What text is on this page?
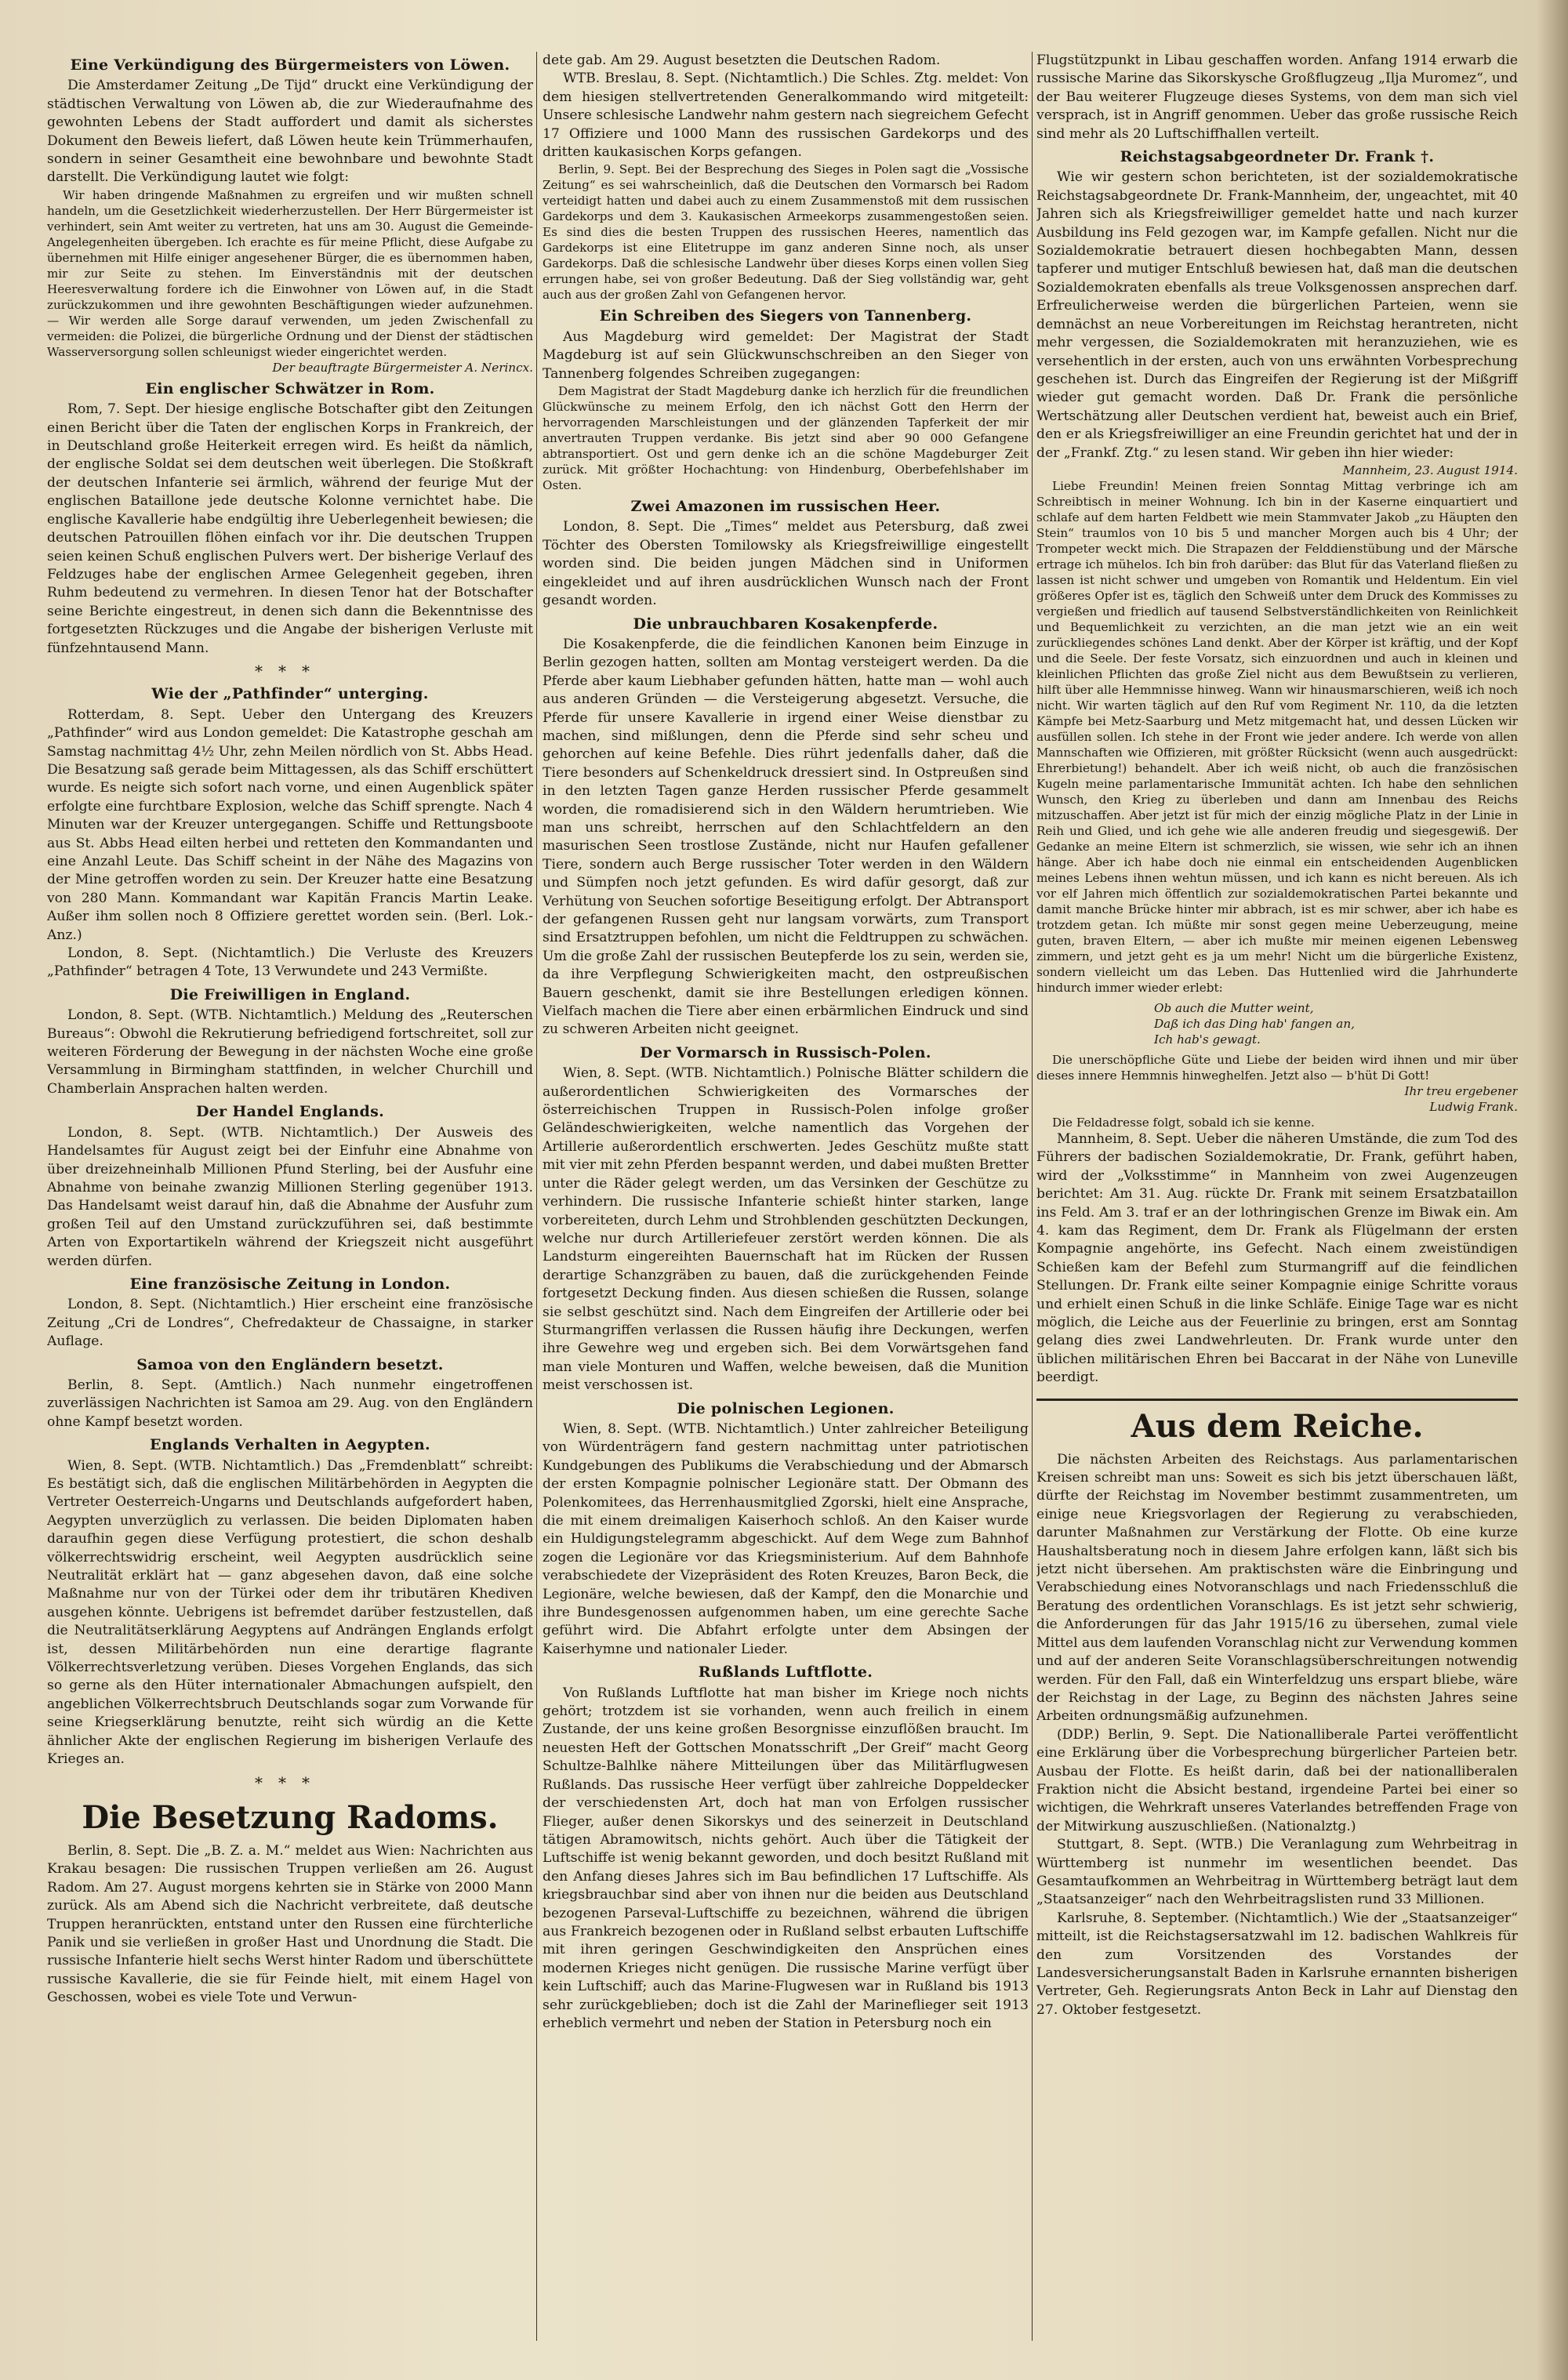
Eine Verkündigung des Bürgermeisters von Löwen.

Die Amsterdamer Zeitung „De Tijd“ druckt eine Verkündigung der städtischen Verwaltung von Löwen ab, die zur Wiederaufnahme des gewohnten Lebens der Stadt auffordert und damit als sicherstes Dokument den Beweis liefert, daß Löwen heute kein Trümmerhaufen, sondern in seiner Gesamtheit eine bewohnbare und bewohnte Stadt darstellt. Die Verkündigung lautet wie folgt:

Wir haben dringende Maßnahmen zu ergreifen und wir mußten schnell handeln, um die Gesetzlichkeit wiederherzustellen. Der Herr Bürgermeister ist verhindert, sein Amt weiter zu vertreten, hat uns am 30. August die Gemeinde-Angelegenheiten übergeben. Ich erachte es für meine Pflicht, diese Aufgabe zu übernehmen mit Hilfe einiger angesehener Bürger, die es übernommen haben, mir zur Seite zu stehen. Im Einverständnis mit der deutschen Heeresverwaltung fordere ich die Einwohner von Löwen auf, in die Stadt zurückzukommen und ihre gewohnten Beschäftigungen wieder aufzunehmen. — Wir werden alle Sorge darauf verwenden, um jeden Zwischenfall zu vermeiden: die Polizei, die bürgerliche Ordnung und der Dienst der städtischen Wasserversorgung sollen schleunigst wieder eingerichtet werden.

Der beauftragte Bürgermeister A. Nerincx.

Ein englischer Schwätzer in Rom.

Rom, 7. Sept. Der hiesige englische Botschafter gibt den Zeitungen einen Bericht über die Taten der englischen Korps in Frankreich, der in Deutschland große Heiterkeit erregen wird. Es heißt da nämlich, der englische Soldat sei dem deutschen weit überlegen. Die Stoßkraft der deutschen Infanterie sei ärmlich, während der feurige Mut der englischen Bataillone jede deutsche Kolonne vernichtet habe. Die englische Kavallerie habe endgültig ihre Ueberlegenheit bewiesen; die deutschen Patrouillen flöhen einfach vor ihr. Die deutschen Truppen seien keinen Schuß englischen Pulvers wert. Der bisherige Verlauf des Feldzuges habe der englischen Armee Gelegenheit gegeben, ihren Ruhm bedeutend zu vermehren. In diesen Tenor hat der Botschafter seine Berichte eingestreut, in denen sich dann die Bekenntnisse des fortgesetzten Rückzuges und die Angabe der bisherigen Verluste mit fünfzehntausend Mann.

***
Wie der „Pathfinder“ unterging.

Rotterdam, 8. Sept. Ueber den Untergang des Kreuzers „Pathfinder“ wird aus London gemeldet: Die Katastrophe geschah am Samstag nachmittag 4½ Uhr, zehn Meilen nördlich von St. Abbs Head. Die Besatzung saß gerade beim Mittagessen, als das Schiff erschüttert wurde. Es neigte sich sofort nach vorne, und einen Augenblick später erfolgte eine furchtbare Explosion, welche das Schiff sprengte. Nach 4 Minuten war der Kreuzer untergegangen. Schiffe und Rettungsboote aus St. Abbs Head eilten herbei und retteten den Kommandanten und eine Anzahl Leute. Das Schiff scheint in der Nähe des Magazins von der Mine getroffen worden zu sein. Der Kreuzer hatte eine Besatzung von 280 Mann. Kommandant war Kapitän Francis Martin Leake. Außer ihm sollen noch 8 Offiziere gerettet worden sein. (Berl. Lok.-Anz.)

London, 8. Sept. (Nichtamtlich.) Die Verluste des Kreuzers „Pathfinder“ betragen 4 Tote, 13 Verwundete und 243 Vermißte.

Die Freiwilligen in England.

London, 8. Sept. (WTB. Nichtamtlich.) Meldung des „Reuterschen Bureaus“: Obwohl die Rekrutierung befriedigend fortschreitet, soll zur weiteren Förderung der Bewegung in der nächsten Woche eine große Versammlung in Birmingham stattfinden, in welcher Churchill und Chamberlain Ansprachen halten werden.

Der Handel Englands.

London, 8. Sept. (WTB. Nichtamtlich.) Der Ausweis des Handelsamtes für August zeigt bei der Einfuhr eine Abnahme von über dreizehneinhalb Millionen Pfund Sterling, bei der Ausfuhr eine Abnahme von beinahe zwanzig Millionen Sterling gegenüber 1913. Das Handelsamt weist darauf hin, daß die Abnahme der Ausfuhr zum großen Teil auf den Umstand zurückzuführen sei, daß bestimmte Arten von Exportartikeln während der Kriegszeit nicht ausgeführt werden dürfen.

Eine französische Zeitung in London.

London, 8. Sept. (Nichtamtlich.) Hier erscheint eine französische Zeitung „Cri de Londres“, Chefredakteur de Chassaigne, in starker Auflage.

Samoa von den Engländern besetzt.

Berlin, 8. Sept. (Amtlich.) Nach nunmehr eingetroffenen zuverlässigen Nachrichten ist Samoa am 29. Aug. von den Engländern ohne Kampf besetzt worden.

Englands Verhalten in Aegypten.

Wien, 8. Sept. (WTB. Nichtamtlich.) Das „Fremdenblatt“ schreibt: Es bestätigt sich, daß die englischen Militärbehörden in Aegypten die Vertreter Oesterreich-Ungarns und Deutschlands aufgefordert haben, Aegypten unverzüglich zu verlassen. Die beiden Diplomaten haben daraufhin gegen diese Verfügung protestiert, die schon deshalb völkerrechtswidrig erscheint, weil Aegypten ausdrücklich seine Neutralität erklärt hat — ganz abgesehen davon, daß eine solche Maßnahme nur von der Türkei oder dem ihr tributären Khediven ausgehen könnte. Uebrigens ist befremdet darüber festzustellen, daß die Neutralitätserklärung Aegyptens auf Andrängen Englands erfolgt ist, dessen Militärbehörden nun eine derartige flagrante Völkerrechtsverletzung verüben. Dieses Vorgehen Englands, das sich so gerne als den Hüter internationaler Abmachungen aufspielt, den angeblichen Völkerrechtsbruch Deutschlands sogar zum Vorwande für seine Kriegserklärung benutzte, reiht sich würdig an die Kette ähnlicher Akte der englischen Regierung im bisherigen Verlaufe des Krieges an.

***
Die Besetzung Radoms.

Berlin, 8. Sept. Die „B. Z. a. M.“ meldet aus Wien: Nachrichten aus Krakau besagen: Die russischen Truppen verließen am 26. August Radom. Am 27. August morgens kehrten sie in Stärke von 2000 Mann zurück. Als am Abend sich die Nachricht verbreitete, daß deutsche Truppen heranrückten, entstand unter den Russen eine fürchterliche Panik und sie verließen in großer Hast und Unordnung die Stadt. Die russische Infanterie hielt sechs Werst hinter Radom und überschüttete russische Kavallerie, die sie für Feinde hielt, mit einem Hagel von Geschossen, wobei es viele Tote und Verwun-

dete gab. Am 29. August besetzten die Deutschen Radom.

WTB. Breslau, 8. Sept. (Nichtamtlich.) Die Schles. Ztg. meldet: Von dem hiesigen stellvertretenden Generalkommando wird mitgeteilt: Unsere schlesische Landwehr nahm gestern nach siegreichem Gefecht 17 Offiziere und 1000 Mann des russischen Gardekorps und des dritten kaukasischen Korps gefangen.

Berlin, 9. Sept. Bei der Besprechung des Sieges in Polen sagt die „Vossische Zeitung“ es sei wahrscheinlich, daß die Deutschen den Vormarsch bei Radom verteidigt hatten und dabei auch zu einem Zusammenstoß mit dem russischen Gardekorps und dem 3. Kaukasischen Armeekorps zusammengestoßen seien. Es sind dies die besten Truppen des russischen Heeres, namentlich das Gardekorps ist eine Elitetruppe im ganz anderen Sinne noch, als unser Gardekorps. Daß die schlesische Landwehr über dieses Korps einen vollen Sieg errungen habe, sei von großer Bedeutung. Daß der Sieg vollständig war, geht auch aus der großen Zahl von Gefangenen hervor.

Ein Schreiben des Siegers von Tannenberg.

Aus Magdeburg wird gemeldet: Der Magistrat der Stadt Magdeburg ist auf sein Glückwunschschreiben an den Sieger von Tannenberg folgendes Schreiben zugegangen:

Dem Magistrat der Stadt Magdeburg danke ich herzlich für die freundlichen Glückwünsche zu meinem Erfolg, den ich nächst Gott den Herrn der hervorragenden Marschleistungen und der glänzenden Tapferkeit der mir anvertrauten Truppen verdanke. Bis jetzt sind aber 90 000 Gefangene abtransportiert. Ost und gern denke ich an die schöne Magdeburger Zeit zurück. Mit größter Hochachtung: von Hindenburg, Oberbefehlshaber im Osten.

Zwei Amazonen im russischen Heer.

London, 8. Sept. Die „Times“ meldet aus Petersburg, daß zwei Töchter des Obersten Tomilowsky als Kriegsfreiwillige eingestellt worden sind. Die beiden jungen Mädchen sind in Uniformen eingekleidet und auf ihren ausdrücklichen Wunsch nach der Front gesandt worden.

Die unbrauchbaren Kosakenpferde.

Die Kosakenpferde, die die feindlichen Kanonen beim Einzuge in Berlin gezogen hatten, sollten am Montag versteigert werden. Da die Pferde aber kaum Liebhaber gefunden hätten, hatte man — wohl auch aus anderen Gründen — die Versteigerung abgesetzt. Versuche, die Pferde für unsere Kavallerie in irgend einer Weise dienstbar zu machen, sind mißlungen, denn die Pferde sind sehr scheu und gehorchen auf keine Befehle. Dies rührt jedenfalls daher, daß die Tiere besonders auf Schenkeldruck dressiert sind. In Ostpreußen sind in den letzten Tagen ganze Herden russischer Pferde gesammelt worden, die romadisierend sich in den Wäldern herumtrieben. Wie man uns schreibt, herrschen auf den Schlachtfeldern an den masurischen Seen trostlose Zustände, nicht nur Haufen gefallener Tiere, sondern auch Berge russischer Toter werden in den Wäldern und Sümpfen noch jetzt gefunden. Es wird dafür gesorgt, daß zur Verhütung von Seuchen sofortige Beseitigung erfolgt. Der Abtransport der gefangenen Russen geht nur langsam vorwärts, zum Transport sind Ersatztruppen befohlen, um nicht die Feldtruppen zu schwächen. Um die große Zahl der russischen Beutepferde los zu sein, werden sie, da ihre Verpflegung Schwierigkeiten macht, den ostpreußischen Bauern geschenkt, damit sie ihre Bestellungen erledigen können. Vielfach machen die Tiere aber einen erbärmlichen Eindruck und sind zu schweren Arbeiten nicht geeignet.

Der Vormarsch in Russisch-Polen.

Wien, 8. Sept. (WTB. Nichtamtlich.) Polnische Blätter schildern die außerordentlichen Schwierigkeiten des Vormarsches der österreichischen Truppen in Russisch-Polen infolge großer Geländeschwierigkeiten, welche namentlich das Vorgehen der Artillerie außerordentlich erschwerten. Jedes Geschütz mußte statt mit vier mit zehn Pferden bespannt werden, und dabei mußten Bretter unter die Räder gelegt werden, um das Versinken der Geschütze zu verhindern. Die russische Infanterie schießt hinter starken, lange vorbereiteten, durch Lehm und Strohblenden geschützten Deckungen, welche nur durch Artilleriefeuer zerstört werden können. Die als Landsturm eingereihten Bauernschaft hat im Rücken der Russen derartige Schanzgräben zu bauen, daß die zurückgehenden Feinde fortgesetzt Deckung finden. Aus diesen schießen die Russen, solange sie selbst geschützt sind. Nach dem Eingreifen der Artillerie oder bei Sturmangriffen verlassen die Russen häufig ihre Deckungen, werfen ihre Gewehre weg und ergeben sich. Bei dem Vorwärtsgehen fand man viele Monturen und Waffen, welche beweisen, daß die Munition meist verschossen ist.

Die polnischen Legionen.

Wien, 8. Sept. (WTB. Nichtamtlich.) Unter zahlreicher Beteiligung von Würdenträgern fand gestern nachmittag unter patriotischen Kundgebungen des Publikums die Verabschiedung und der Abmarsch der ersten Kompagnie polnischer Legionäre statt. Der Obmann des Polenkomitees, das Herrenhausmitglied Zgorski, hielt eine Ansprache, die mit einem dreimaligen Kaiserhoch schloß. An den Kaiser wurde ein Huldigungstelegramm abgeschickt. Auf dem Wege zum Bahnhof zogen die Legionäre vor das Kriegsministerium. Auf dem Bahnhofe verabschiedete der Vizepräsident des Roten Kreuzes, Baron Beck, die Legionäre, welche bewiesen, daß der Kampf, den die Monarchie und ihre Bundesgenossen aufgenommen haben, um eine gerechte Sache geführt wird. Die Abfahrt erfolgte unter dem Absingen der Kaiserhymne und nationaler Lieder.

Rußlands Luftflotte.

Von Rußlands Luftflotte hat man bisher im Kriege noch nichts gehört; trotzdem ist sie vorhanden, wenn auch freilich in einem Zustande, der uns keine großen Besorgnisse einzuflößen braucht. Im neuesten Heft der Gottschen Monatsschrift „Der Greif“ macht Georg Schultze-Balhlke nähere Mitteilungen über das Militärflugwesen Rußlands. Das russische Heer verfügt über zahlreiche Doppeldecker der verschiedensten Art, doch hat man von Erfolgen russischer Flieger, außer denen Sikorskys und des seinerzeit in Deutschland tätigen Abramowitsch, nichts gehört. Auch über die Tätigkeit der Luftschiffe ist wenig bekannt geworden, und doch besitzt Rußland mit den Anfang dieses Jahres sich im Bau befindlichen 17 Luftschiffe. Als kriegsbrauchbar sind aber von ihnen nur die beiden aus Deutschland bezogenen Parseval-Luftschiffe zu bezeichnen, während die übrigen aus Frankreich bezogenen oder in Rußland selbst erbauten Luftschiffe mit ihren geringen Geschwindigkeiten den Ansprüchen eines modernen Krieges nicht genügen. Die russische Marine verfügt über kein Luftschiff; auch das Marine-Flugwesen war in Rußland bis 1913 sehr zurückgeblieben; doch ist die Zahl der Marineflieger seit 1913 erheblich vermehrt und neben der Station in Petersburg noch ein

Flugstützpunkt in Libau geschaffen worden. Anfang 1914 erwarb die russische Marine das Sikorskysche Großflugzeug „Ilja Muromez“, und der Bau weiterer Flugzeuge dieses Systems, von dem man sich viel versprach, ist in Angriff genommen. Ueber das große russische Reich sind mehr als 20 Luftschiffhallen verteilt.

Reichstagsabgeordneter Dr. Frank †.

Wie wir gestern schon berichteten, ist der sozialdemokratische Reichstagsabgeordnete Dr. Frank-Mannheim, der, ungeachtet, mit 40 Jahren sich als Kriegsfreiwilliger gemeldet hatte und nach kurzer Ausbildung ins Feld gezogen war, im Kampfe gefallen. Nicht nur die Sozialdemokratie betrauert diesen hochbegabten Mann, dessen tapferer und mutiger Entschluß bewiesen hat, daß man die deutschen Sozialdemokraten ebenfalls als treue Volksgenossen ansprechen darf. Erfreulicherweise werden die bürgerlichen Parteien, wenn sie demnächst an neue Vorbereitungen im Reichstag herantreten, nicht mehr vergessen, die Sozialdemokraten mit heranzuziehen, wie es versehentlich in der ersten, auch von uns erwähnten Vorbesprechung geschehen ist. Durch das Eingreifen der Regierung ist der Mißgriff wieder gut gemacht worden. Daß Dr. Frank die persönliche Wertschätzung aller Deutschen verdient hat, beweist auch ein Brief, den er als Kriegsfreiwilliger an eine Freundin gerichtet hat und der in der „Frankf. Ztg.“ zu lesen stand. Wir geben ihn hier wieder:

Mannheim, 23. August 1914.

Liebe Freundin! Meinen freien Sonntag Mittag verbringe ich am Schreibtisch in meiner Wohnung. Ich bin in der Kaserne einquartiert und schlafe auf dem harten Feldbett wie mein Stammvater Jakob „zu Häupten den Stein“ traumlos von 10 bis 5 und mancher Morgen auch bis 4 Uhr; der Trompeter weckt mich. Die Strapazen der Felddienstübung und der Märsche ertrage ich mühelos. Ich bin froh darüber: das Blut für das Vaterland fließen zu lassen ist nicht schwer und umgeben von Romantik und Heldentum. Ein viel größeres Opfer ist es, täglich den Schweiß unter dem Druck des Kommisses zu vergießen und friedlich auf tausend Selbstverständlichkeiten von Reinlichkeit und Bequemlichkeit zu verzichten, an die man jetzt wie an ein weit zurückliegendes schönes Land denkt. Aber der Körper ist kräftig, und der Kopf und die Seele. Der feste Vorsatz, sich einzuordnen und auch in kleinen und kleinlichen Pflichten das große Ziel nicht aus dem Bewußtsein zu verlieren, hilft über alle Hemmnisse hinweg. Wann wir hinausmarschieren, weiß ich noch nicht. Wir warten täglich auf den Ruf vom Regiment Nr. 110, da die letzten Kämpfe bei Metz-Saarburg und Metz mitgemacht hat, und dessen Lücken wir ausfüllen sollen. Ich stehe in der Front wie jeder andere. Ich werde von allen Mannschaften wie Offizieren, mit größter Rücksicht (wenn auch ausgedrückt: Ehrerbietung!) behandelt. Aber ich weiß nicht, ob auch die französischen Kugeln meine parlamentarische Immunität achten. Ich habe den sehnlichen Wunsch, den Krieg zu überleben und dann am Innenbau des Reichs mitzuschaffen. Aber jetzt ist für mich der einzig mögliche Platz in der Linie in Reih und Glied, und ich gehe wie alle anderen freudig und siegesgewiß. Der Gedanke an meine Eltern ist schmerzlich, sie wissen, wie sehr ich an ihnen hänge. Aber ich habe doch nie einmal ein entscheidenden Augenblicken meines Lebens ihnen wehtun müssen, und ich kann es nicht bereuen. Als ich vor elf Jahren mich öffentlich zur sozialdemokratischen Partei bekannte und damit manche Brücke hinter mir abbrach, ist es mir schwer, aber ich habe es trotzdem getan. Ich müßte mir sonst gegen meine Ueberzeugung, meine guten, braven Eltern, — aber ich mußte mir meinen eigenen Lebensweg zimmern, und jetzt geht es ja um mehr! Nicht um die bürgerliche Existenz, sondern vielleicht um das Leben. Das Huttenlied wird die Jahrhunderte hindurch immer wieder erlebt:

Ob auch die Mutter weint,
Daß ich das Ding hab' fangen an,
Ich hab's gewagt.

Die unerschöpfliche Güte und Liebe der beiden wird ihnen und mir über dieses innere Hemmnis hinweghelfen. Jetzt also — b'hüt Di Gott!

Ihr treu ergebener

Ludwig Frank.

Die Feldadresse folgt, sobald ich sie kenne.

Mannheim, 8. Sept. Ueber die näheren Umstände, die zum Tod des Führers der badischen Sozialdemokratie, Dr. Frank, geführt haben, wird der „Volksstimme“ in Mannheim von zwei Augenzeugen berichtet: Am 31. Aug. rückte Dr. Frank mit seinem Ersatzbataillon ins Feld. Am 3. traf er an der lothringischen Grenze im Biwak ein. Am 4. kam das Regiment, dem Dr. Frank als Flügelmann der ersten Kompagnie angehörte, ins Gefecht. Nach einem zweistündigen Schießen kam der Befehl zum Sturmangriff auf die feindlichen Stellungen. Dr. Frank eilte seiner Kompagnie einige Schritte voraus und erhielt einen Schuß in die linke Schläfe. Einige Tage war es nicht möglich, die Leiche aus der Feuerlinie zu bringen, erst am Sonntag gelang dies zwei Landwehrleuten. Dr. Frank wurde unter den üblichen militärischen Ehren bei Baccarat in der Nähe von Luneville beerdigt.

Aus dem Reiche.

Die nächsten Arbeiten des Reichstags. Aus parlamentarischen Kreisen schreibt man uns: Soweit es sich bis jetzt überschauen läßt, dürfte der Reichstag im November bestimmt zusammentreten, um einige neue Kriegsvorlagen der Regierung zu verabschieden, darunter Maßnahmen zur Verstärkung der Flotte. Ob eine kurze Haushaltsberatung noch in diesem Jahre erfolgen kann, läßt sich bis jetzt nicht übersehen. Am praktischsten wäre die Einbringung und Verabschiedung eines Notvoranschlags und nach Friedensschluß die Beratung des ordentlichen Voranschlags. Es ist jetzt sehr schwierig, die Anforderungen für das Jahr 1915/16 zu übersehen, zumal viele Mittel aus dem laufenden Voranschlag nicht zur Verwendung kommen und auf der anderen Seite Voranschlagsüberschreitungen notwendig werden. Für den Fall, daß ein Winterfeldzug uns erspart bliebe, wäre der Reichstag in der Lage, zu Beginn des nächsten Jahres seine Arbeiten ordnungsmäßig aufzunehmen.

(DDP.) Berlin, 9. Sept. Die Nationalliberale Partei veröffentlicht eine Erklärung über die Vorbesprechung bürgerlicher Parteien betr. Ausbau der Flotte. Es heißt darin, daß bei der nationalliberalen Fraktion nicht die Absicht bestand, irgendeine Partei bei einer so wichtigen, die Wehrkraft unseres Vaterlandes betreffenden Frage von der Mitwirkung auszuschließen. (Nationalztg.)

Stuttgart, 8. Sept. (WTB.) Die Veranlagung zum Wehrbeitrag in Württemberg ist nunmehr im wesentlichen beendet. Das Gesamtaufkommen an Wehrbeitrag in Württemberg beträgt laut dem „Staatsanzeiger“ nach den Wehrbeitragslisten rund 33 Millionen.

Karlsruhe, 8. September. (Nichtamtlich.) Wie der „Staatsanzeiger“ mitteilt, ist die Reichstagsersatzwahl im 12. badischen Wahlkreis für den zum Vorsitzenden des Vorstandes der Landesversicherungsanstalt Baden in Karlsruhe ernannten bisherigen Vertreter, Geh. Regierungsrats Anton Beck in Lahr auf Dienstag den 27. Oktober festgesetzt.
